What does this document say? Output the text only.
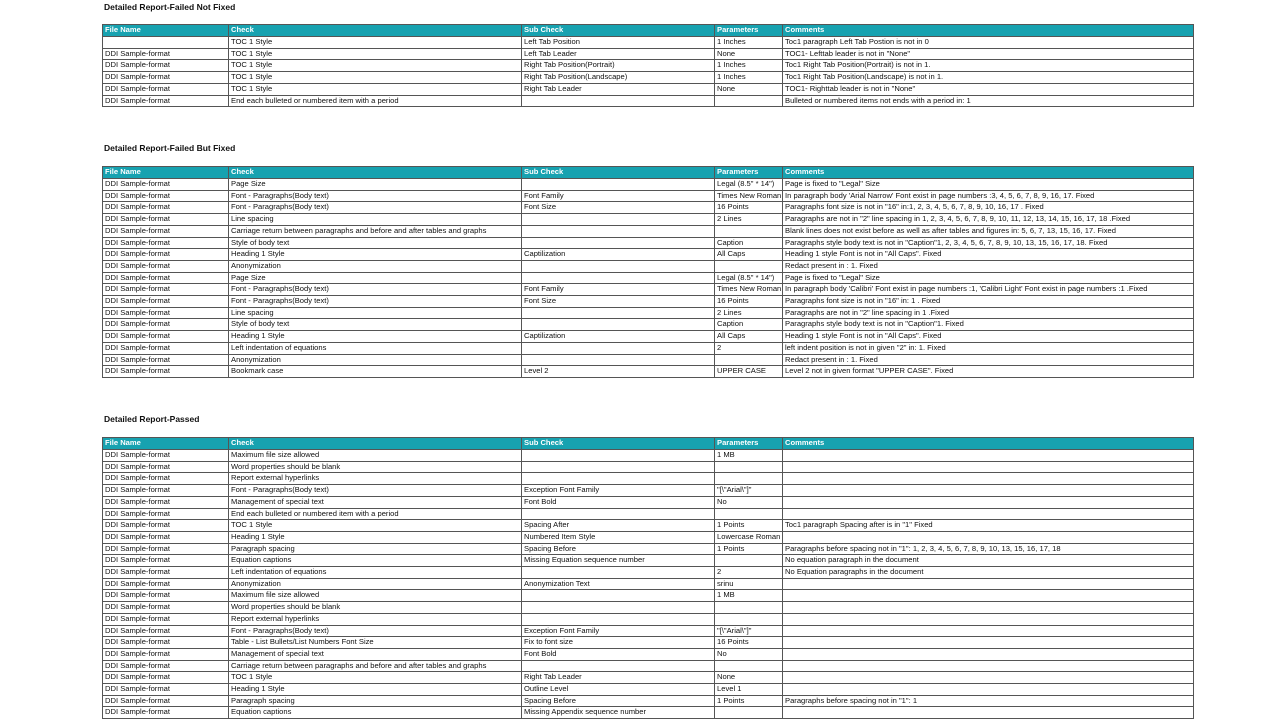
Detailed Report-Failed Not Fixed
File Name	Check	Sub Check	Parameters	Comments
	TOC 1 Style	Left Tab Position	1 Inches	Toc1 paragraph Left Tab Postion is not in 0
DDI Sample-format	TOC 1 Style	Left Tab Leader	None	TOC1- Lefttab leader is not in "None"
DDI Sample-format	TOC 1 Style	Right Tab Position(Portrait)	1 Inches	Toc1 Right Tab Position(Portrait) is not in 1.
DDI Sample-format	TOC 1 Style	Right Tab Position(Landscape)	1 Inches	Toc1 Right Tab Position(Landscape) is not in 1.
DDI Sample-format	TOC 1 Style	Right Tab Leader	None	TOC1- Righttab leader is not in "None"
DDI Sample-format	End each bulleted or numbered item with a period			Bulleted or numbered items not ends with a period in: 1
Detailed Report-Failed But Fixed
File Name	Check	Sub Check	Parameters	Comments
DDI Sample-format	Page Size		Legal (8.5" * 14")	Page is fixed to "Legal" Size
DDI Sample-format	Font - Paragraphs(Body text)	Font Family	Times New Roman	In paragraph body 'Arial Narrow' Font exist in page numbers :3, 4, 5, 6, 7, 8, 9, 16, 17. Fixed
DDI Sample-format	Font - Paragraphs(Body text)	Font Size	16 Points	Paragraphs font size is not in "16" in:1, 2, 3, 4, 5, 6, 7, 8, 9, 10, 16, 17 . Fixed
DDI Sample-format	Line spacing		2 Lines	Paragraphs are not in "2" line spacing in 1, 2, 3, 4, 5, 6, 7, 8, 9, 10, 11, 12, 13, 14, 15, 16, 17, 18 .Fixed
DDI Sample-format	Carriage return between paragraphs and before and after tables and graphs			Blank lines does not exist before as well as after tables and figures in: 5, 6, 7, 13, 15, 16, 17. Fixed
DDI Sample-format	Style of body text		Caption	Paragraphs style body text is not in "Caption"1, 2, 3, 4, 5, 6, 7, 8, 9, 10, 13, 15, 16, 17, 18. Fixed
DDI Sample-format	Heading 1 Style	Captilization	All Caps	Heading 1 style Font is not in "All Caps". Fixed
DDI Sample-format	Anonymization			Redact present in : 1. Fixed
DDI Sample-format	Page Size		Legal (8.5" * 14")	Page is fixed to "Legal" Size
DDI Sample-format	Font - Paragraphs(Body text)	Font Family	Times New Roman	In paragraph body 'Calibri' Font exist in page numbers :1, 'Calibri Light' Font exist in page numbers :1 .Fixed
DDI Sample-format	Font - Paragraphs(Body text)	Font Size	16 Points	Paragraphs font size is not in "16" in: 1 . Fixed
DDI Sample-format	Line spacing		2 Lines	Paragraphs are not in "2" line spacing in 1 .Fixed
DDI Sample-format	Style of body text		Caption	Paragraphs style body text is not in "Caption"1. Fixed
DDI Sample-format	Heading 1 Style	Captilization	All Caps	Heading 1 style Font is not in "All Caps". Fixed
DDI Sample-format	Left indentation of equations		2	left indent position is not in given "2" in: 1. Fixed
DDI Sample-format	Anonymization			Redact present in : 1. Fixed
DDI Sample-format	Bookmark case	Level 2	UPPER CASE	Level 2 not in given format "UPPER CASE". Fixed
Detailed Report-Passed
File Name	Check	Sub Check	Parameters	Comments
DDI Sample-format	Maximum file size allowed		1 MB	
DDI Sample-format	Word properties should be blank			
DDI Sample-format	Report external hyperlinks			
DDI Sample-format	Font - Paragraphs(Body text)	Exception Font Family	"[\"Arial\"]"	
DDI Sample-format	Management of special text	Font Bold	No	
DDI Sample-format	End each bulleted or numbered item with a period			
DDI Sample-format	TOC 1 Style	Spacing After	1 Points	Toc1 paragraph Spacing after is in "1" Fixed
DDI Sample-format	Heading 1 Style	Numbered Item Style	Lowercase Roman	
DDI Sample-format	Paragraph spacing	Spacing Before	1 Points	Paragraphs before spacing not in "1": 1, 2, 3, 4, 5, 6, 7, 8, 9, 10, 13, 15, 16, 17, 18
DDI Sample-format	Equation captions	Missing Equation sequence number		No equation paragraph in the document
DDI Sample-format	Left indentation of equations		2	No Equation paragraphs in the document
DDI Sample-format	Anonymization	Anonymization Text	srinu	
DDI Sample-format	Maximum file size allowed		1 MB	
DDI Sample-format	Word properties should be blank			
DDI Sample-format	Report external hyperlinks			
DDI Sample-format	Font - Paragraphs(Body text)	Exception Font Family	"[\"Arial\"]"	
DDI Sample-format	Table - List Bullets/List Numbers Font Size	Fix to font size	16 Points	
DDI Sample-format	Management of special text	Font Bold	No	
DDI Sample-format	Carriage return between paragraphs and before and after tables and graphs			
DDI Sample-format	TOC 1 Style	Right Tab Leader	None	
DDI Sample-format	Heading 1 Style	Outline Level	Level 1	
DDI Sample-format	Paragraph spacing	Spacing Before	1 Points	Paragraphs before spacing not in "1": 1
DDI Sample-format	Equation captions	Missing Appendix sequence number		
